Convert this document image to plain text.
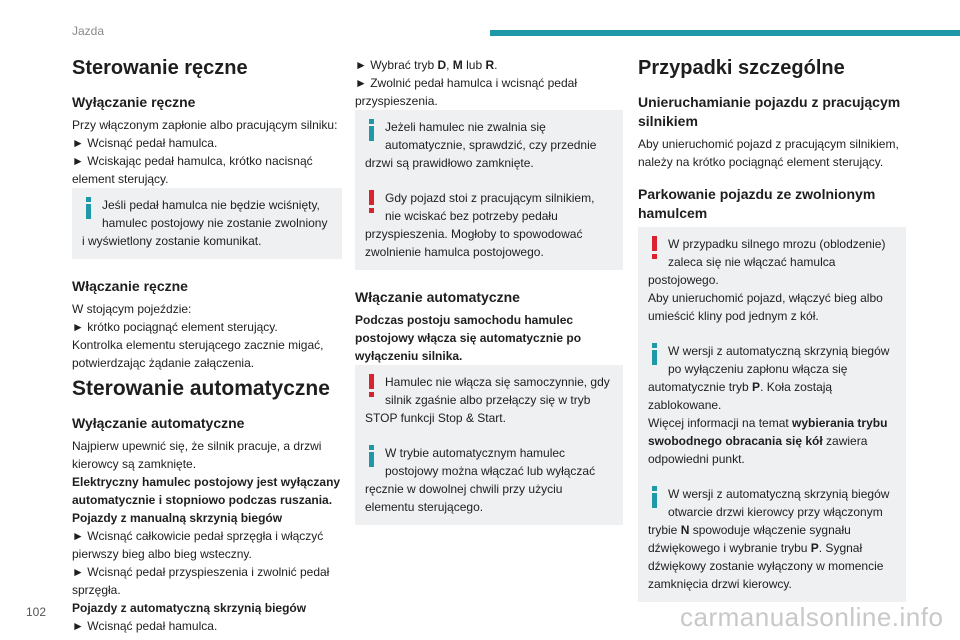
Jazda
Sterowanie ręczne
Wyłączanie ręczne

Przy włączonym zapłonie albo pracującym silniku:

► Wcisnąć pedał hamulca.

► Wciskając pedał hamulca, krótko nacisnąć element sterujący.

Jeśli pedał hamulca nie będzie wciśnięty, hamulec postojowy nie zostanie zwolniony i wyświetlony zostanie komunikat.
Włączanie ręczne

W stojącym pojeździe:

► krótko pociągnąć element sterujący.

Kontrolka elementu sterującego zacznie migać, potwierdzając żądanie załączenia.

Sterowanie automatyczne
Wyłączanie automatyczne

Najpierw upewnić się, że silnik pracuje, a drzwi kierowcy są zamknięte.

Elektryczny hamulec postojowy jest wyłączany automatycznie i stopniowo podczas ruszania.

Pojazdy z manualną skrzynią biegów

► Wcisnąć całkowicie pedał sprzęgła i włączyć pierwszy bieg albo bieg wsteczny.

► Wcisnąć pedał przyspieszenia i zwolnić pedał sprzęgła.

Pojazdy z automatyczną skrzynią biegów

► Wcisnąć pedał hamulca.

► Wybrać tryb D, M lub R.

► Zwolnić pedał hamulca i wcisnąć pedał przyspieszenia.

Jeżeli hamulec nie zwalnia się automatycznie, sprawdzić, czy przednie drzwi są prawidłowo zamknięte.
Gdy pojazd stoi z pracującym silnikiem, nie wciskać bez potrzeby pedału przyspieszenia. Mogłoby to spowodować zwolnienie hamulca postojowego.
Włączanie automatyczne

Podczas postoju samochodu hamulec postojowy włącza się automatycznie po wyłączeniu silnika.

Hamulec nie włącza się samoczynnie, gdy silnik zgaśnie albo przełączy się w tryb STOP funkcji Stop & Start.
W trybie automatycznym hamulec postojowy można włączać lub wyłączać ręcznie w dowolnej chwili przy użyciu elementu sterującego.
Przypadki szczególne
Unieruchamianie pojazdu z pracującym silnikiem

Aby unieruchomić pojazd z pracującym silnikiem, należy na krótko pociągnąć element sterujący.

Parkowanie pojazdu ze zwolnionym hamulcem
W przypadku silnego mrozu (oblodzenie) zaleca się nie włączać hamulca postojowego.
Aby unieruchomić pojazd, włączyć bieg albo umieścić kliny pod jednym z kół.
W wersji z automatyczną skrzynią biegów po wyłączeniu zapłonu włącza się automatycznie tryb P. Koła zostają zablokowane.
Więcej informacji na temat wybierania trybu swobodnego obracania się kół zawiera odpowiedni punkt.
W wersji z automatyczną skrzynią biegów otwarcie drzwi kierowcy przy włączonym trybie N spowoduje włączenie sygnału dźwiękowego i wybranie trybu P. Sygnał dźwiękowy zostanie wyłączony w momencie zamknięcia drzwi kierowcy.
102	carmanualsonline.info
